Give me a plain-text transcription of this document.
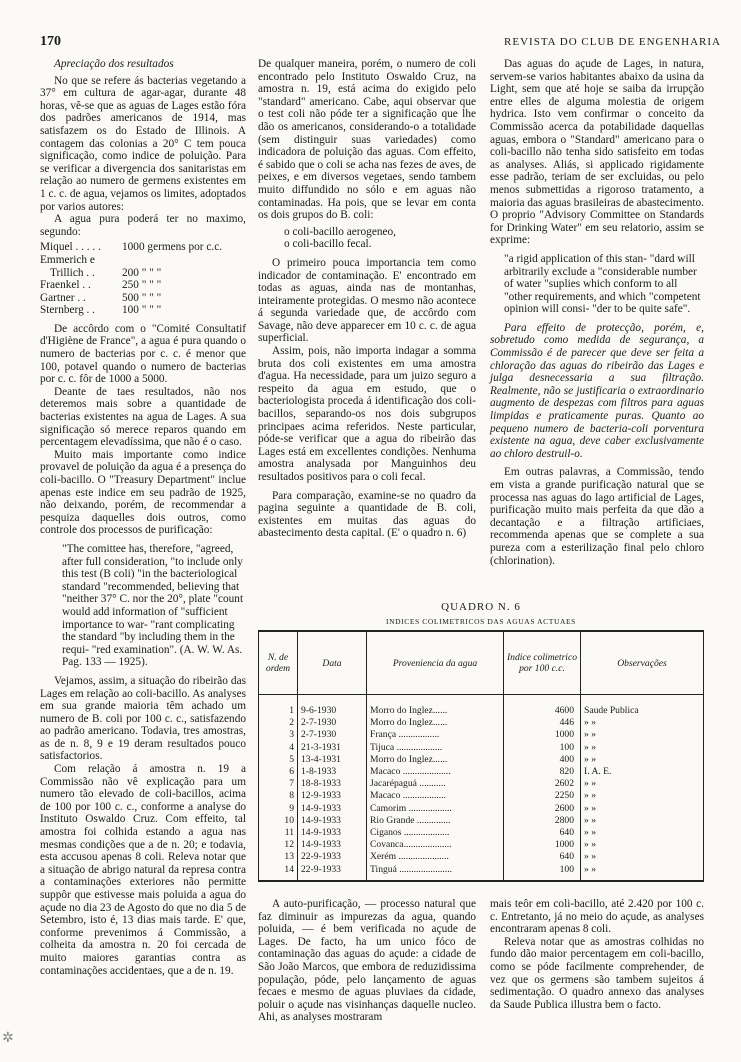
170	REVISTA DO CLUB DE ENGENHARIA

Apreciação dos resultados

No que se refere ás bacterias vegetando a 37° em cultura de agar-agar, durante 48 horas, vê-se que as aguas de Lages estão fóra dos padrões americanos de 1914, mas satisfazem os do Estado de Illinois. A contagem das colonias a 20° C tem pouca significação, como indice de poluição. Para se verificar a divergencia dos sanitaristas em relação ao numero de germens existentes em 1 c. c. de agua, vejamos os limites, adoptados por varios autores:

A agua pura poderá ter no maximo, segundo:

Miquel . . . . .	1000 germens por c.c.
Emmerich e	
Trillich . .	200 " " "
Fraenkel . .	250 " " "
Gartner . .	500 " " "
Sternberg . .	100 " " "

De accôrdo com o "Comité Consultatif d'Higiène de France", a agua é pura quando o numero de bacterias por c. c. é menor que 100, potavel quando o numero de bacterias por c. c. fôr de 1000 a 5000.

Deante de taes resultados, não nos deteremos mais sobre a quantidade de bacterias existentes na agua de Lages. A sua significação só merece reparos quando em percentagem elevadíssima, que não é o caso.

Muito mais importante como indice provavel de poluição da agua é a presença do coli-bacillo. O "Treasury Department" inclue apenas este indice em seu padrão de 1925, não deixando, porém, de recommendar a pesquiza daquelles dois outros, como controle dos processos de purificação:

"The comittee has, therefore, "agreed, after full consideration, "to include only this test (B coli) "in the bacteriological standard "recommended, believing that "neither 37° C. nor the 20°, plate "count would add information of "sufficient importance to war- "rant complicating the standard "by including them in the requi- "red examination". (A. W. W. As. Pag. 133 — 1925).

Vejamos, assim, a situação do ribeirão das Lages em relação ao coli-bacillo. As analyses em sua grande maioria têm achado um numero de B. coli por 100 c. c., satisfazendo ao padrão americano. Todavia, tres amostras, as de n. 8, 9 e 19 deram resultados pouco satisfactorios.

Com relação á amostra n. 19 a Commissão não vê explicação para um numero tão elevado de coli-bacillos, acima de 100 por 100 c. c., conforme a analyse do Instituto Oswaldo Cruz. Com effeito, tal amostra foi colhida estando a agua nas mesmas condições que a de n. 20; e todavia, esta accusou apenas 8 coli. Releva notar que a situação de abrigo natural da represa contra a contaminações exteriores não permitte suppôr que estivesse mais poluida a agua do açude no dia 23 de Agosto do que no dia 5 de Setembro, isto é, 13 dias mais tarde. E' que, conforme prevenimos á Commissão, a colheita da amostra n. 20 foi cercada de muito maiores garantias contra as contaminações accidentaes, que a de n. 19.

De qualquer maneira, porém, o numero de coli encontrado pelo Instituto Oswaldo Cruz, na amostra n. 19, está acima do exigido pelo "standard" americano. Cabe, aqui observar que o test coli não póde ter a significação que lhe dão os americanos, considerando-o a totalidade (sem distinguir suas variedades) como indicadora de poluição das aguas. Com effeito, é sabido que o coli se acha nas fezes de aves, de peixes, e em diversos vegetaes, sendo tambem muito diffundido no sólo e em aguas não contaminadas. Ha pois, que se levar em conta os dois grupos do B. coli:

o coli-bacillo aerogeneo,

o coli-bacillo fecal.

O primeiro pouca importancia tem como indicador de contaminação. E' encontrado em todas as aguas, ainda nas de montanhas, inteiramente protegidas. O mesmo não acontece á segunda variedade que, de accôrdo com Savage, não deve apparecer em 10 c. c. de agua superficial.

Assim, pois, não importa indagar a somma bruta dos coli existentes em uma amostra d'agua. Ha necessidade, para um juizo seguro a respeito da agua em estudo, que o bacteriologista proceda á identificação dos coli-bacillos, separando-os nos dois subgrupos principaes acima referidos. Neste particular, póde-se verificar que a agua do ribeirão das Lages está em excellentes condições. Nenhuma amostra analysada por Manguinhos deu resultados positivos para o coli fecal.

Para comparação, examine-se no quadro da pagina seguinte a quantidade de B. coli, existentes em muitas das aguas do abastecimento desta capital. (E' o quadro n. 6)

Das aguas do açude de Lages, in natura, servem-se varios habitantes abaixo da usina da Light, sem que até hoje se saiba da irrupção entre elles de alguma molestia de origem hydrica. Isto vem confirmar o conceito da Commissão acerca da potabilidade daquellas aguas, embora o "Standard" americano para o coli-bacillo não tenha sido satisfeito em todas as analyses. Aliás, si applicado rigidamente esse padrão, teriam de ser excluidas, ou pelo menos submettidas a rigoroso tratamento, a maioria das aguas brasileiras de abastecimento. O proprio "Advisory Committee on Standards for Drinking Water" em seu relatorio, assim se exprime:

"a rigid application of this stan- "dard will arbitrarily exclude a "considerable number of water "suplies which conform to all "other requirements, and which "competent opinion will consi- "der to be quite safe".

Para effeito de protecção, porém, e, sobretudo como medida de segurança, a Commissão é de parecer que deve ser feita a chloração das aguas do ribeirão das Lages e julga desnecessaria a sua filtração. Realmente, não se justificaria o extraordinario augmento de despezas com filtros para aguas limpidas e praticamente puras. Quanto ao pequeno numero de bacteria-coli porventura existente na agua, deve caber exclusivamente ao chloro destruil-o.

Em outras palavras, a Commissão, tendo em vista a grande purificação natural que se processa nas aguas do lago artificial de Lages, purificação muito mais perfeita da que dão a decantação e a filtração artificiaes, recommenda apenas que se complete a sua pureza com a esterilização final pelo chloro (chlorination).

QUADRO N. 6
INDICES COLIMETRICOS DAS AGUAS ACTUAES
N. de ordem	Data	Proveniencia da agua	Indice colimetrico por 100 c.c.	Observações

1	9-6-1930	Morro do Inglez......	4600	Saude Publica
2	2-7-1930	Morro do Inglez......	446	» »
3	2-7-1930	França .................	1000	» »
4	21-3-1931	Tijuca ...................	100	» »
5	13-4-1931	Morro do Inglez......	400	» »
6	1-8-1933	Macaco ....................	820	I. A. E.
7	18-8-1933	Jacarépaguá ...........	2602	» »
8	12-9-1933	Macaco ..................	2250	» »
9	14-9-1933	Camorim ..................	2600	» »
10	14-9-1933	Rio Grande ..............	2800	» »
11	14-9-1933	Ciganos ...................	640	» »
12	14-9-1933	Covanca....................	1000	» »
13	22-9-1933	Xerém .....................	640	» »
14	22-9-1933	Tinguá ......................	100	» »

A auto-purificação, — processo natural que faz diminuir as impurezas da agua, quando poluida, — é bem verificada no açude de Lages. De facto, ha um unico fóco de contaminação das aguas do açude: a cidade de São João Marcos, que embora de reduzidissima população, póde, pelo lançamento de aguas fecaes e mesmo de aguas pluviaes da cidade, poluir o açude nas visinhanças daquelle nucleo. Ahi, as analyses mostraram

mais teôr em coli-bacillo, até 2.420 por 100 c. c. Entretanto, já no meio do açude, as analyses encontraram apenas 8 coli.

Releva notar que as amostras colhidas no fundo dão maior percentagem em coli-bacillo, como se póde facilmente comprehender, de vez que os germens são tambem sujeitos á sedimentação. O quadro annexo das analyses da Saude Publica illustra bem o facto.

✲
